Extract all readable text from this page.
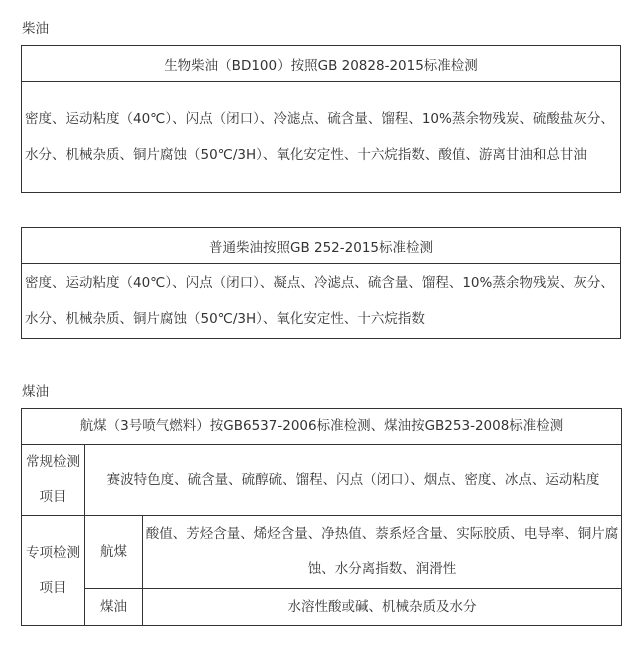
柴油
生物柴油（BD100）按照GB 20828-2015标准检测
密度、运动粘度（40℃）、闪点（闭口）、冷滤点、硫含量、馏程、10%蒸余物残炭、硫酸盐灰分、水分、机械杂质、铜片腐蚀（50℃/3H）、氧化安定性、十六烷指数、酸值、游离甘油和总甘油
普通柴油按照GB 252-2015标准检测
密度、运动粘度（40℃）、闪点（闭口）、凝点、冷滤点、硫含量、馏程、10%蒸余物残炭、灰分、水分、机械杂质、铜片腐蚀（50℃/3H）、氧化安定性、十六烷指数
煤油
航煤（3号喷气燃料）按GB6537-2006标准检测、煤油按GB253-2008标准检测		
常规检测项目	赛波特色度、硫含量、硫醇硫、馏程、闪点（闭口）、烟点、密度、冰点、运动粘度	
专项检测项目	航煤	酸值、芳烃含量、烯烃含量、净热值、萘系烃含量、实际胶质、电导率、铜片腐蚀、水分离指数、润滑性
	煤油	水溶性酸或碱、机械杂质及水分
